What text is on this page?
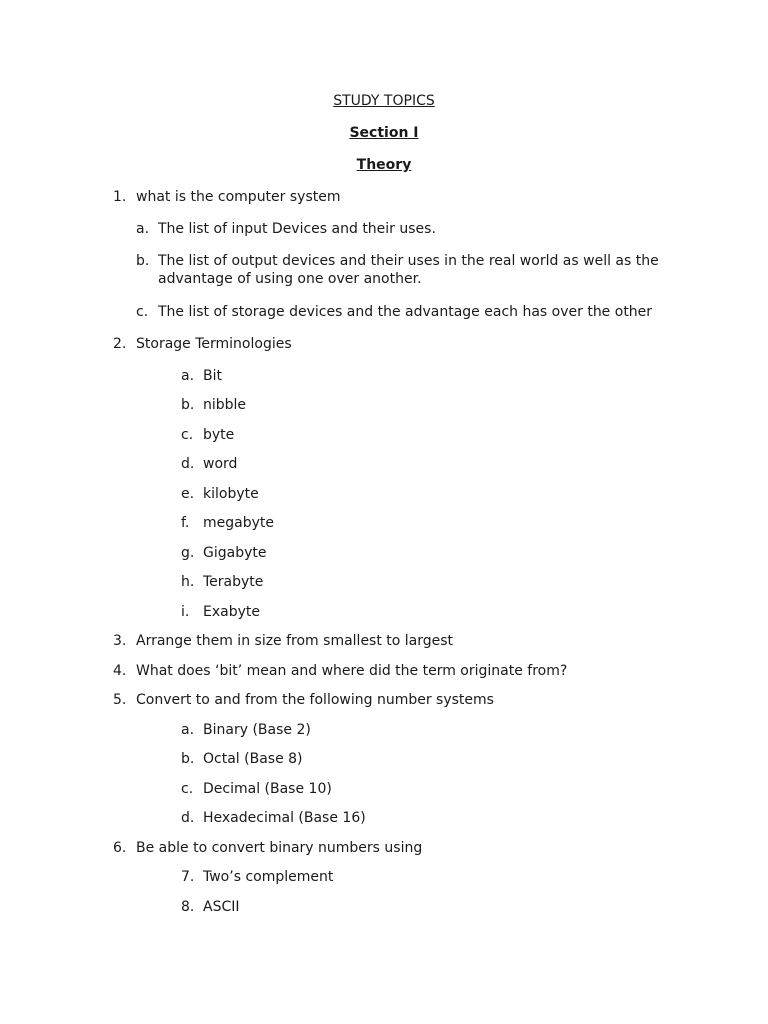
STUDY TOPICS
Section I
Theory
1. what is the computer system
a. The list of input Devices and their uses.
b. The list of output devices and their uses in the real world as well as the
advantage of using one over another.
c. The list of storage devices and the advantage each has over the other
2. Storage Terminologies
a. Bit
b. nibble
c. byte
d. word
e. kilobyte
f. megabyte
g. Gigabyte
h. Terabyte
i. Exabyte
3. Arrange them in size from smallest to largest
4. What does ‘bit’ mean and where did the term originate from?
5. Convert to and from the following number systems
a. Binary (Base 2)
b. Octal (Base 8)
c. Decimal (Base 10)
d. Hexadecimal (Base 16)
6. Be able to convert binary numbers using
7. Two’s complement
8. ASCII
